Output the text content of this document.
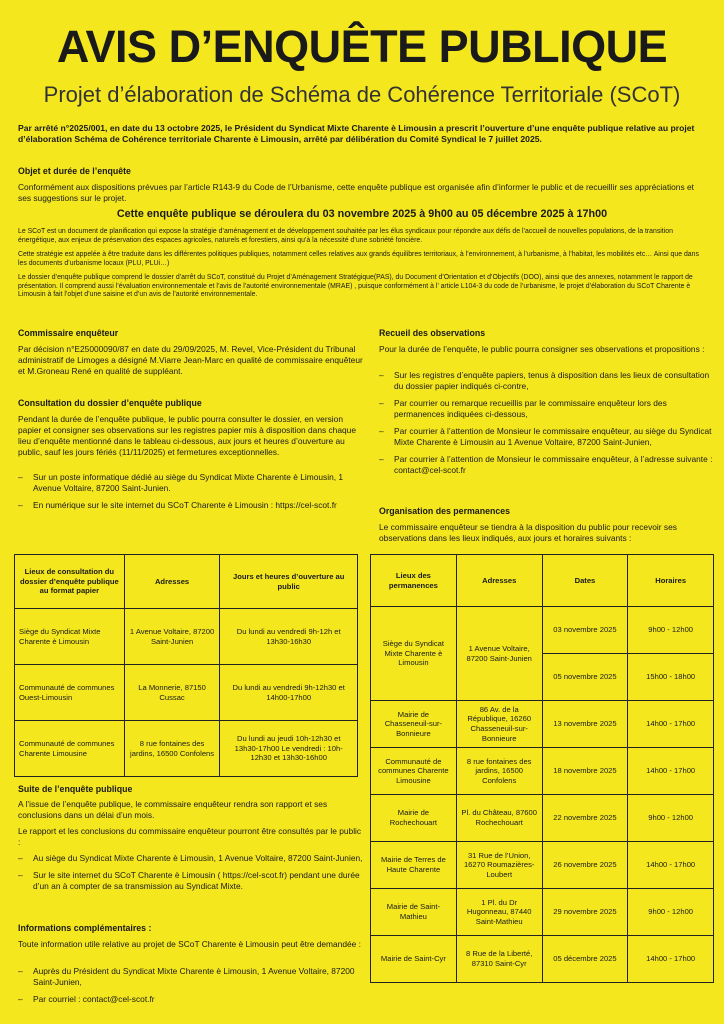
AVIS D’ENQUÊTE PUBLIQUE
Projet d’élaboration de Schéma de Cohérence Territoriale (SCoT)

Par arrêté n°2025/001, en date du 13 octobre 2025, le Président du Syndicat Mixte Charente è Limousin a prescrit l’ouverture d’une enquête publique relative au projet d’élaboration Schéma de Cohérence territoriale Charente è Limousin, arrêté par délibération du Comité Syndical le 7 juillet 2025.

Objet et durée de l’enquête

Conformément aux dispositions prévues par l’article R143-9 du Code de l’Urbanisme, cette enquête publique est organisée afin d’informer le public et de recueillir ses appréciations et ses suggestions sur le projet.

Cette enquête publique se déroulera du 03 novembre 2025 à 9h00 au 05 décembre 2025 à 17h00

Le SCoT est un document de planification qui expose la stratégie d’aménagement et de développement souhaitée par les élus syndicaux pour répondre aux défis de l’accueil de nouvelles populations, de la transition énergétique, aux enjeux de préservation des espaces agricoles, naturels et forestiers, ainsi qu’à la nécessité d’une sobriété foncière.

Cette stratégie est appelée à être traduite dans les différentes politiques publiques, notamment celles relatives aux grands équilibres territoriaux, à l’environnement, à l’urbanisme, à l’habitat, les mobilités etc… Ainsi que dans les documents d’urbanisme locaux (PLU, PLUi…)

Le dossier d’enquête publique comprend le dossier d’arrêt du SCoT, constitué du Projet d’Aménagement Stratégique(PAS), du Document d’Orientation et d’Objectifs (DOO), ainsi que des annexes, notamment le rapport de présentation. Il comprend aussi l’évaluation environnementale et l’avis de l’autorité environnementale (MRAE) , puisque conformément à l’ article L104-3 du code de l’urbanisme, le projet d’élaboration du SCoT Charente è Limousin à fait l’objet d’une saisine et d’un avis de l’autorité environnementale.

Commissaire enquêteur

Par décision n°E25000090/87 en date du 29/09/2025, M. Revel, Vice-Président du Tribunal administratif de Limoges a désigné M.Viarre Jean-Marc en qualité de commissaire enquêteur et M.Groneau René en qualité de suppléant.

Consultation du dossier d’enquête publique

Pendant la durée de l’enquête publique, le public pourra consulter le dossier, en version papier et consigner ses observations sur les registres papier mis à disposition dans chaque lieu d’enquête mentionné dans le tableau ci-dessous, aux jours et heures d’ouverture au public, sauf les jours fériés (11/11/2025) et fermetures exceptionnelles.

– Sur un poste informatique dédié au siège du Syndicat Mixte Charente è Limousin, 1 Avenue Voltaire, 87200 Saint-Junien.
– En numérique sur le site internet du SCoT Charente è Limousin : https://cel-scot.fr
Recueil des observations

Pour la durée de l’enquête, le public pourra consigner ses observations et propositions :

– Sur les registres d’enquête papiers, tenus à disposition dans les lieux de consultation du dossier papier indiqués ci-contre,
– Par courrier ou remarque recueillis par le commissaire enquêteur lors des permanences indiquées ci-dessous,
– Par courrier à l’attention de Monsieur le commissaire enquêteur, au siège du Syndicat Mixte Charente è Limousin au 1 Avenue Voltaire, 87200 Saint-Junien,
– Par courrier à l’attention de Monsieur le commissaire enquêteur, à l’adresse suivante : contact@cel-scot.fr
Organisation des permanences

Le commissaire enquêteur se tiendra à la disposition du public pour recevoir ses observations dans les lieux indiqués, aux jours et horaires suivants :

Lieux de consultation du dossier d’enquête publique au format papier	Adresses	Jours et heures d’ouverture au public
Siège du Syndicat Mixte Charente è Limousin	1 Avenue Voltaire, 87200 Saint-Junien	Du lundi au vendredi 9h-12h et 13h30-16h30
Communauté de communes Ouest-Limousin	La Monnerie, 87150 Cussac	Du lundi au vendredi 9h-12h30 et 14h00-17h00
Communauté de communes Charente Limousine	8 rue fontaines des jardins, 16500 Confolens	Du lundi au jeudi 10h-12h30 et 13h30-17h00 Le vendredi : 10h-12h30 et 13h30-16h00
Lieux des permanences	Adresses	Dates	Horaires
Siège du Syndicat Mixte Charente è Limousin	1 Avenue Voltaire, 87200 Saint-Junien	03 novembre 2025	9h00 - 12h00
		05 novembre 2025	15h00 - 18h00
Mairie de Chasseneuil-sur-Bonnieure	86 Av. de la République, 16260 Chasseneuil-sur-Bonnieure	13 novembre 2025	14h00 - 17h00
Communauté de communes Charente Limousine	8 rue fontaines des jardins, 16500 Confolens	18 novembre 2025	14h00 - 17h00
Mairie de Rochechouart	Pl. du Château, 87600 Rochechouart	22 novembre 2025	9h00 - 12h00
Mairie de Terres de Haute Charente	31 Rue de l’Union, 16270 Roumazières-Loubert	26 novembre 2025	14h00 - 17h00
Mairie de Saint-Mathieu	1 Pl. du Dr Hugonneau, 87440 Saint-Mathieu	29 novembre 2025	9h00 - 12h00
Mairie de Saint-Cyr	8 Rue de la Liberté, 87310 Saint-Cyr	05 décembre 2025	14h00 - 17h00
Suite de l’enquête publique

A l’issue de l’enquête publique, le commissaire enquêteur rendra son rapport et ses conclusions dans un délai d’un mois.

Le rapport et les conclusions du commissaire enquêteur pourront être consultés par le public :

– Au siège du Syndicat Mixte Charente è Limousin, 1 Avenue Voltaire, 87200 Saint-Junien,
– Sur le site internet du SCoT Charente è Limousin ( https://cel-scot.fr) pendant une durée d’un an à compter de sa transmission au Syndicat Mixte.
Informations complémentaires :

Toute information utile relative au projet de SCoT Charente è Limousin peut être demandée :

– Auprès du Président du Syndicat Mixte Charente è Limousin, 1 Avenue Voltaire, 87200 Saint-Junien,
– Par courriel : contact@cel-scot.fr
